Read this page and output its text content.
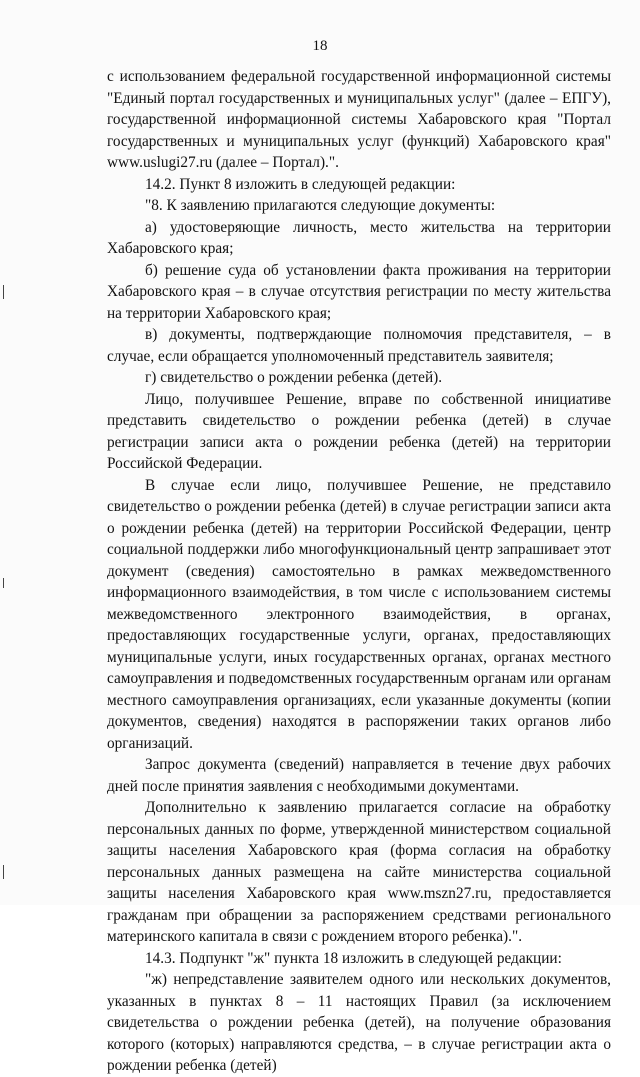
18

с использованием федеральной государственной информационной системы "Единый портал государственных и муниципальных услуг" (далее – ЕПГУ), государственной информационной системы Хабаровского края "Портал государственных и муниципальных услуг (функций) Хабаровского края" www.uslugi27.ru (далее – Портал).".

14.2. Пункт 8 изложить в следующей редакции:

"8. К заявлению прилагаются следующие документы:

а) удостоверяющие личность, место жительства на территории Хабаровского края;

б) решение суда об установлении факта проживания на территории Хабаровского края – в случае отсутствия регистрации по месту жительства на территории Хабаровского края;

в) документы, подтверждающие полномочия представителя, – в случае, если обращается уполномоченный представитель заявителя;

г) свидетельство о рождении ребенка (детей).

Лицо, получившее Решение, вправе по собственной инициативе представить свидетельство о рождении ребенка (детей) в случае регистрации записи акта о рождении ребенка (детей) на территории Российской Федерации.

В случае если лицо, получившее Решение, не представило свидетельство о рождении ребенка (детей) в случае регистрации записи акта о рождении ребенка (детей) на территории Российской Федерации, центр социальной поддержки либо многофункциональный центр запрашивает этот документ (сведения) самостоятельно в рамках межведомственного информационного взаимодействия, в том числе с использованием системы межведомственного электронного взаимодействия, в органах, предоставляющих государственные услуги, органах, предоставляющих муниципальные услуги, иных государственных органах, органах местного самоуправления и подведомственных государственным органам или органам местного самоуправления организациях, если указанные документы (копии документов, сведения) находятся в распоряжении таких органов либо организаций.

Запрос документа (сведений) направляется в течение двух рабочих дней после принятия заявления с необходимыми документами.

Дополнительно к заявлению прилагается согласие на обработку персональных данных по форме, утвержденной министерством социальной защиты населения Хабаровского края (форма согласия на обработку персональных данных размещена на сайте министерства социальной защиты населения Хабаровского края www.mszn27.ru, предоставляется гражданам при обращении за распоряжением средствами регионального материнского капитала в связи с рождением второго ребенка).".

14.3. Подпункт "ж" пункта 18 изложить в следующей редакции:

"ж) непредставление заявителем одного или нескольких документов, указанных в пунктах 8 – 11 настоящих Правил (за исключением свидетельства о рождении ребенка (детей), на получение образования которого (которых) направляются средства, – в случае регистрации акта о рождении ребенка (детей)
